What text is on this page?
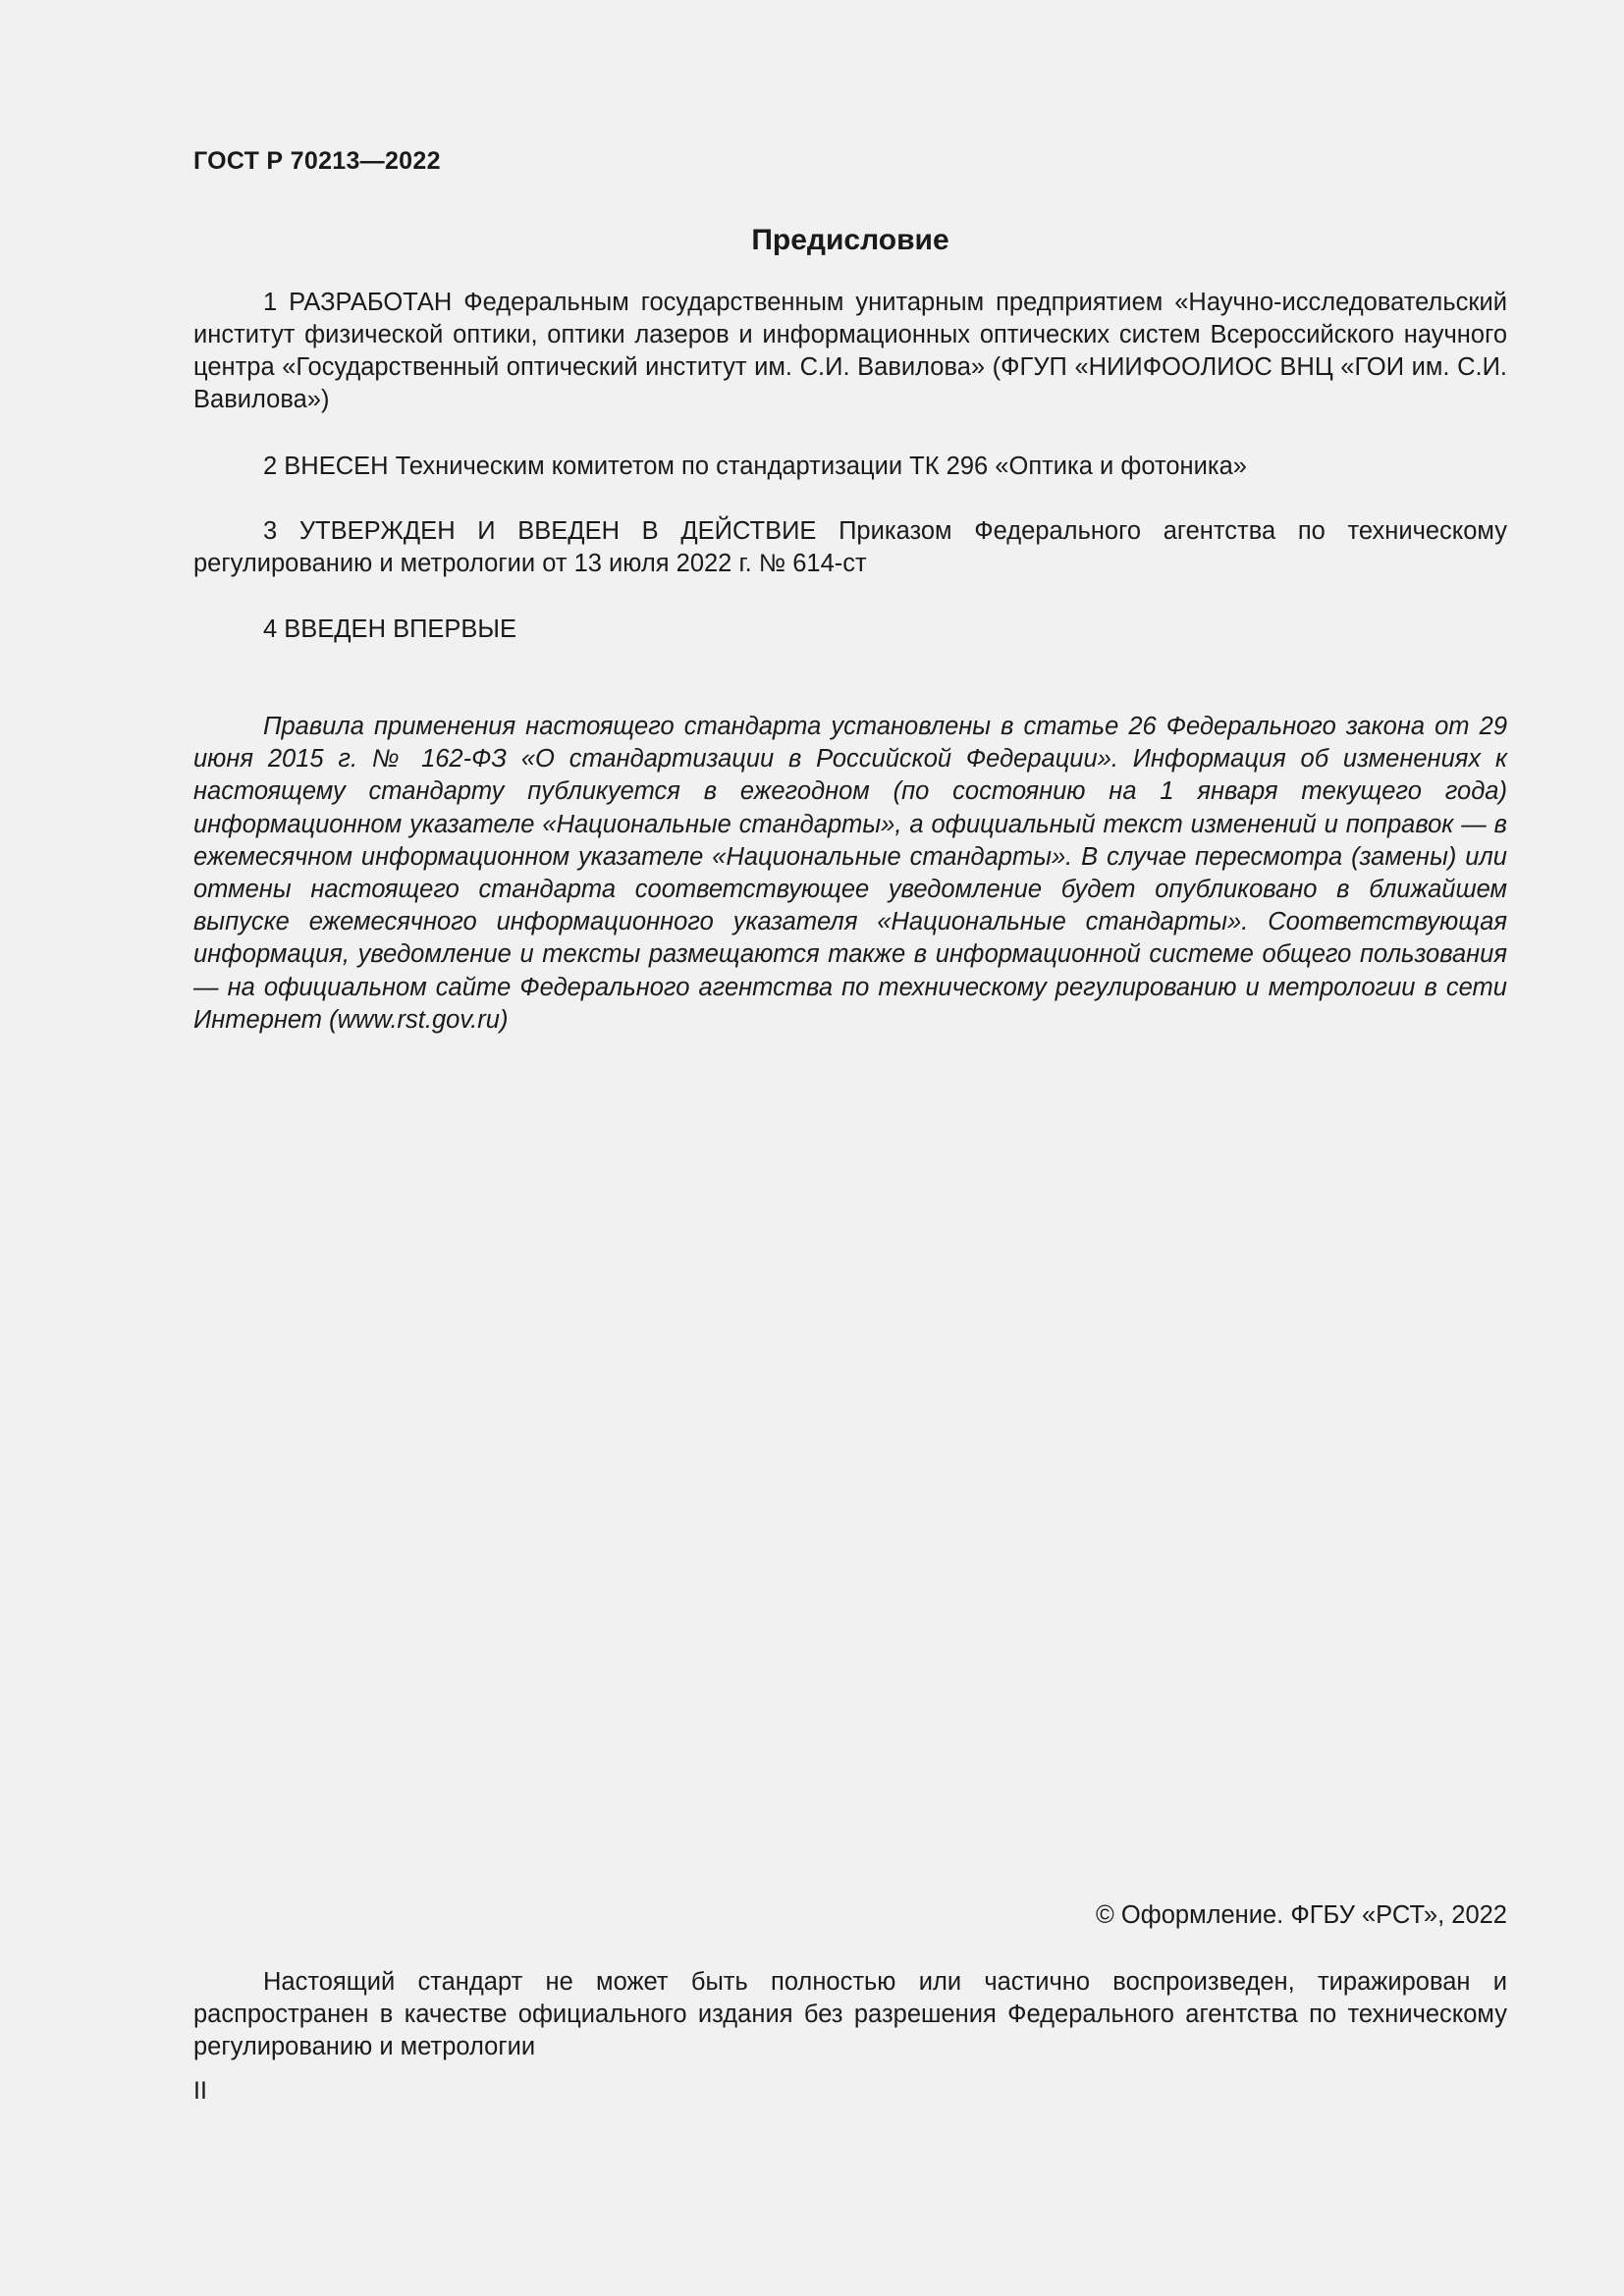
ГОСТ Р 70213—2022
Предисловие

1 РАЗРАБОТАН Федеральным государственным унитарным предприятием «Научно-исследовательский институт физической оптики, оптики лазеров и информационных оптических систем Всероссийского научного центра «Государственный оптический институт им. С.И. Вавилова» (ФГУП «НИИФООЛИОС ВНЦ «ГОИ им. С.И. Вавилова»)

2 ВНЕСЕН Техническим комитетом по стандартизации ТК 296 «Оптика и фотоника»

3 УТВЕРЖДЕН И ВВЕДЕН В ДЕЙСТВИЕ Приказом Федерального агентства по техническому регулированию и метрологии от 13 июля 2022 г. № 614-ст

4 ВВЕДЕН ВПЕРВЫЕ

Правила применения настоящего стандарта установлены в статье 26 Федерального закона от 29 июня 2015 г. № 162-ФЗ «О стандартизации в Российской Федерации». Информация об изменениях к настоящему стандарту публикуется в ежегодном (по состоянию на 1 января текущего года) информационном указателе «Национальные стандарты», а официальный текст изменений и поправок — в ежемесячном информационном указателе «Национальные стандарты». В случае пересмотра (замены) или отмены настоящего стандарта соответствующее уведомление будет опубликовано в ближайшем выпуске ежемесячного информационного указателя «Национальные стандарты». Соответствующая информация, уведомление и тексты размещаются также в информационной системе общего пользования — на официальном сайте Федерального агентства по техническому регулированию и метрологии в сети Интернет (www.rst.gov.ru)

© Оформление. ФГБУ «РСТ», 2022

Настоящий стандарт не может быть полностью или частично воспроизведен, тиражирован и распространен в качестве официального издания без разрешения Федерального агентства по техническому регулированию и метрологии

II
